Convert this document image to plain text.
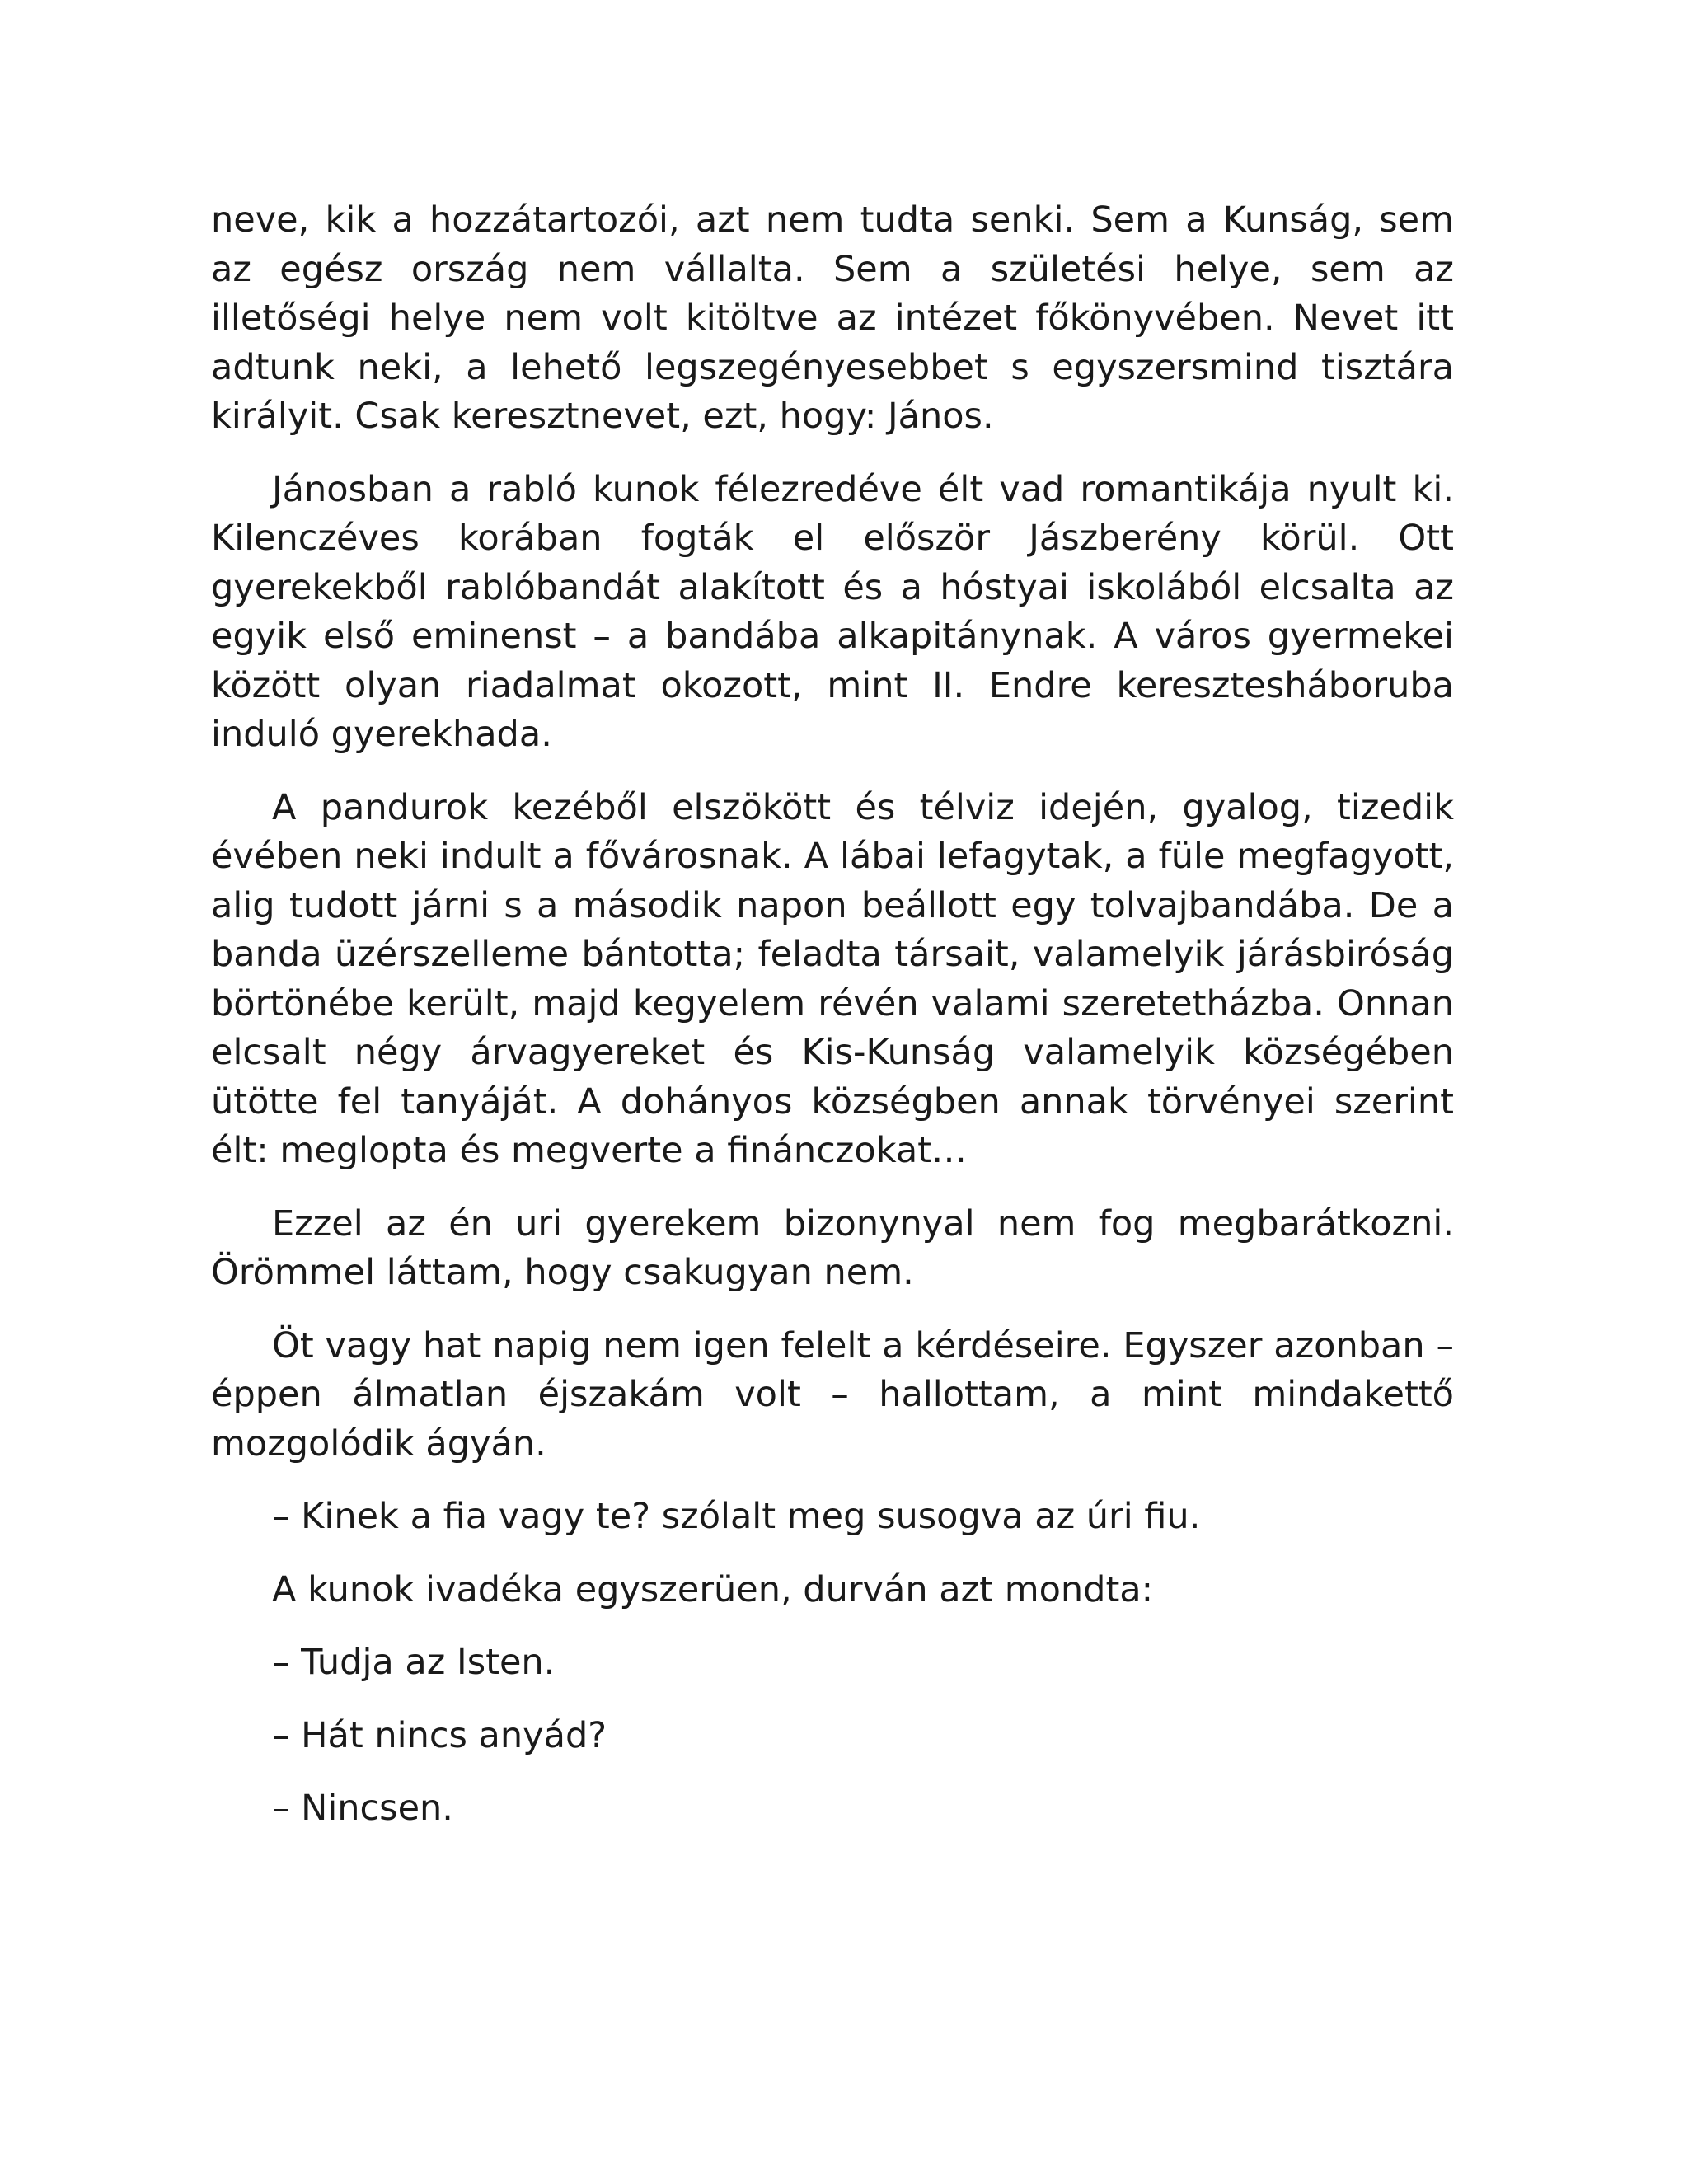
neve, kik a hozzátartozói, azt nem tudta senki. Sem a Kunság, sem az egész ország nem vállalta. Sem a születési helye, sem az illetőségi helye nem volt kitöltve az intézet főkönyvében. Nevet itt adtunk neki, a lehető legszegényesebbet s egyszersmind tisztára királyit. Csak keresztnevet, ezt, hogy: János.

Jánosban a rabló kunok félezredéve élt vad romantikája nyult ki. Kilenczéves korában fogták el először Jászberény körül. Ott gyerekekből rablóbandát alakított és a hóstyai iskolából elcsalta az egyik első eminenst – a bandába alkapitánynak. A város gyermekei között olyan riadalmat okozott, mint II. Endre keresztesháboruba induló gyerekhada.

A pandurok kezéből elszökött és télviz idején, gyalog, tizedik évében neki indult a fővárosnak. A lábai lefagytak, a füle megfagyott, alig tudott járni s a második napon beállott egy tolvajbandába. De a banda üzérszelleme bántotta; feladta társait, valamelyik járásbiróság börtönébe került, majd kegyelem révén valami szeretetházba. Onnan elcsalt négy árvagyereket és Kis-Kunság valamelyik községében ütötte fel tanyáját. A dohányos községben annak törvényei szerint élt: meglopta és megverte a finánczokat…

Ezzel az én uri gyerekem bizonynyal nem fog megbarátkozni. Örömmel láttam, hogy csakugyan nem.

Öt vagy hat napig nem igen felelt a kérdéseire. Egyszer azonban – éppen álmatlan éjszakám volt – hallottam, a mint mindakettő mozgolódik ágyán.

– Kinek a fia vagy te? szólalt meg susogva az úri fiu.

A kunok ivadéka egyszerüen, durván azt mondta:

– Tudja az Isten.

– Hát nincs anyád?

– Nincsen.
